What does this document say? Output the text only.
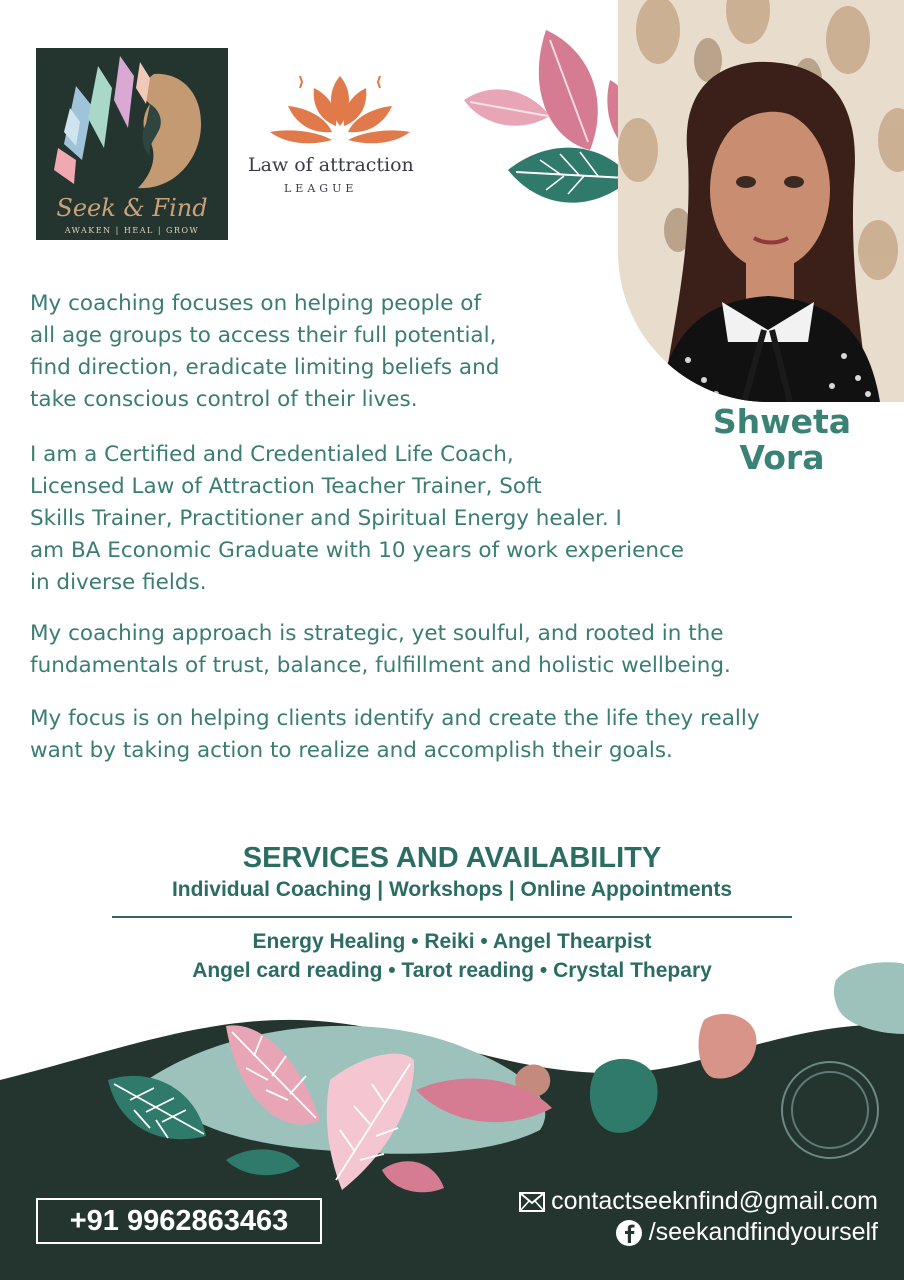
Seek & Find
AWAKEN | HEAL | GROW
Law of attraction
LEAGUE
Shweta
Vora

My coaching focuses on helping people of
all age groups to access their full potential,
find direction, eradicate limiting beliefs and
take conscious control of their lives.

I am a Certified and Credentialed Life Coach,
Licensed Law of Attraction Teacher Trainer, Soft
Skills Trainer, Practitioner and Spiritual Energy healer. I
am BA Economic Graduate with 10 years of work experience
in diverse fields.

My coaching approach is strategic, yet soulful, and rooted in the
fundamentals of trust, balance, fulfillment and holistic wellbeing.

My focus is on helping clients identify and create the life they really
want by taking action to realize and accomplish their goals.

SERVICES AND AVAILABILITY
Individual Coaching | Workshops | Online Appointments
Energy Healing • Reiki • Angel Thearpist
Angel card reading • Tarot reading • Crystal Thepary
+91 9962863463
contactseeknfind@gmail.com
/seekandfindyourself
